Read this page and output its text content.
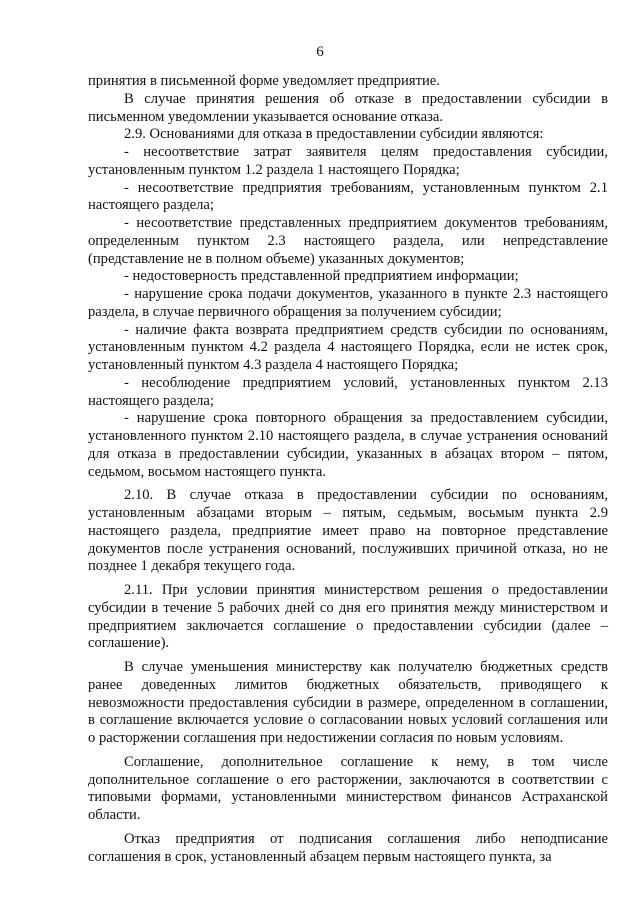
6

принятия в письменной форме уведомляет предприятие.

В случае принятия решения об отказе в предоставлении субсидии в письменном уведомлении указывается основание отказа.

2.9. Основаниями для отказа в предоставлении субсидии являются:

- несоответствие затрат заявителя целям предоставления субсидии, установленным пунктом 1.2 раздела 1 настоящего Порядка;

- несоответствие предприятия требованиям, установленным пунктом 2.1 настоящего раздела;

- несоответствие представленных предприятием документов требованиям, определенным пунктом 2.3 настоящего раздела, или непредставление (представление не в полном объеме) указанных документов;

- недостоверность представленной предприятием информации;

- нарушение срока подачи документов, указанного в пункте 2.3 настоящего раздела, в случае первичного обращения за получением субсидии;

- наличие факта возврата предприятием средств субсидии по основаниям, установленным пунктом 4.2 раздела 4 настоящего Порядка, если не истек срок, установленный пунктом 4.3 раздела 4 настоящего Порядка;

- несоблюдение предприятием условий, установленных пунктом 2.13 настоящего раздела;

- нарушение срока повторного обращения за предоставлением субсидии, установленного пунктом 2.10 настоящего раздела, в случае устранения оснований для отказа в предоставлении субсидии, указанных в абзацах втором – пятом, седьмом, восьмом настоящего пункта.

2.10. В случае отказа в предоставлении субсидии по основаниям, установленным абзацами вторым – пятым, седьмым, восьмым пункта 2.9 настоящего раздела, предприятие имеет право на повторное представление документов после устранения оснований, послуживших причиной отказа, но не позднее 1 декабря текущего года.

2.11. При условии принятия министерством решения о предоставлении субсидии в течение 5 рабочих дней со дня его принятия между министерством и предприятием заключается соглашение о предоставлении субсидии (далее – соглашение).

В случае уменьшения министерству как получателю бюджетных средств ранее доведенных лимитов бюджетных обязательств, приводящего к невозможности предоставления субсидии в размере, определенном в соглашении, в соглашение включается условие о согласовании новых условий соглашения или о расторжении соглашения при недостижении согласия по новым условиям.

Соглашение, дополнительное соглашение к нему, в том числе дополнительное соглашение о его расторжении, заключаются в соответствии с типовыми формами, установленными министерством финансов Астраханской области.

Отказ предприятия от подписания соглашения либо неподписание соглашения в срок, установленный абзацем первым настоящего пункта, за
